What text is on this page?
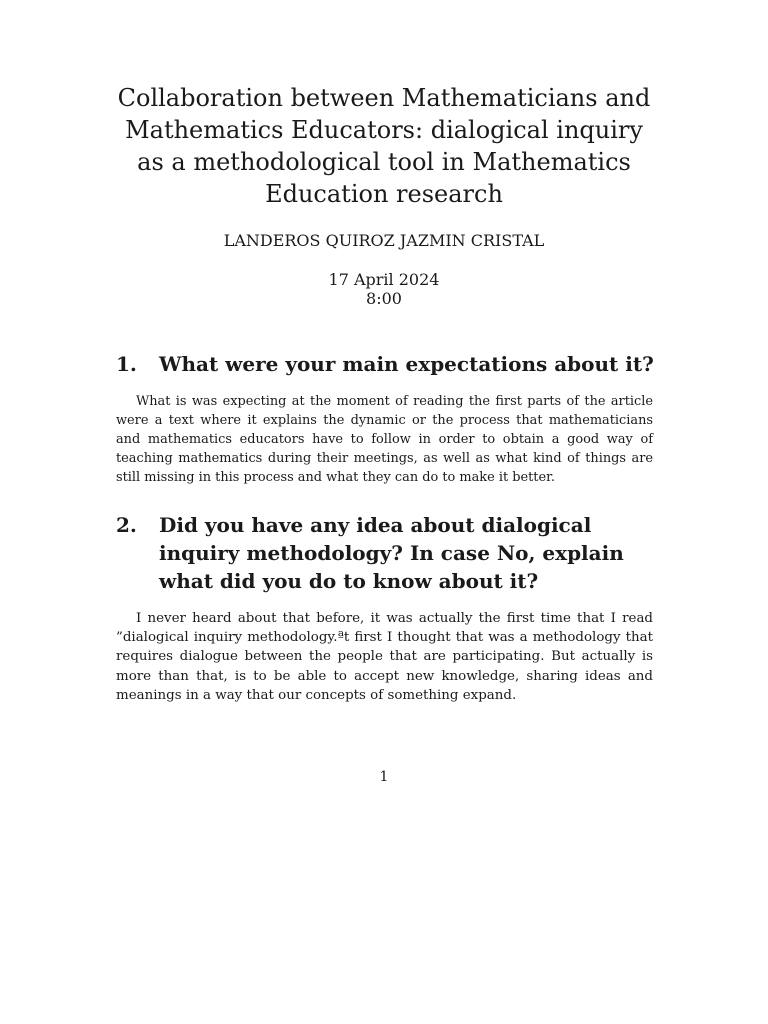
Collaboration between Mathematicians and Mathematics Educators: dialogical inquiry as a methodological tool in Mathematics Education research
LANDEROS QUIROZ JAZMIN CRISTAL
17 April 2024
8:00
1.	What were your main expectations about it?

What is was expecting at the moment of reading the first parts of the article were a text where it explains the dynamic or the process that mathematicians and mathematics educators have to follow in order to obtain a good way of teaching mathematics during their meetings, as well as what kind of things are still missing in this process and what they can do to make it better.

2.	Did you have any idea about dialogical inquiry methodology? In case No, explain what did you do to know about it?

I never heard about that before, it was actually the first time that I read ”dialogical inquiry methodology.ªt first I thought that was a methodology that requires dialogue between the people that are participating. But actually is more than that, is to be able to accept new knowledge, sharing ideas and meanings in a way that our concepts of something expand.

1
